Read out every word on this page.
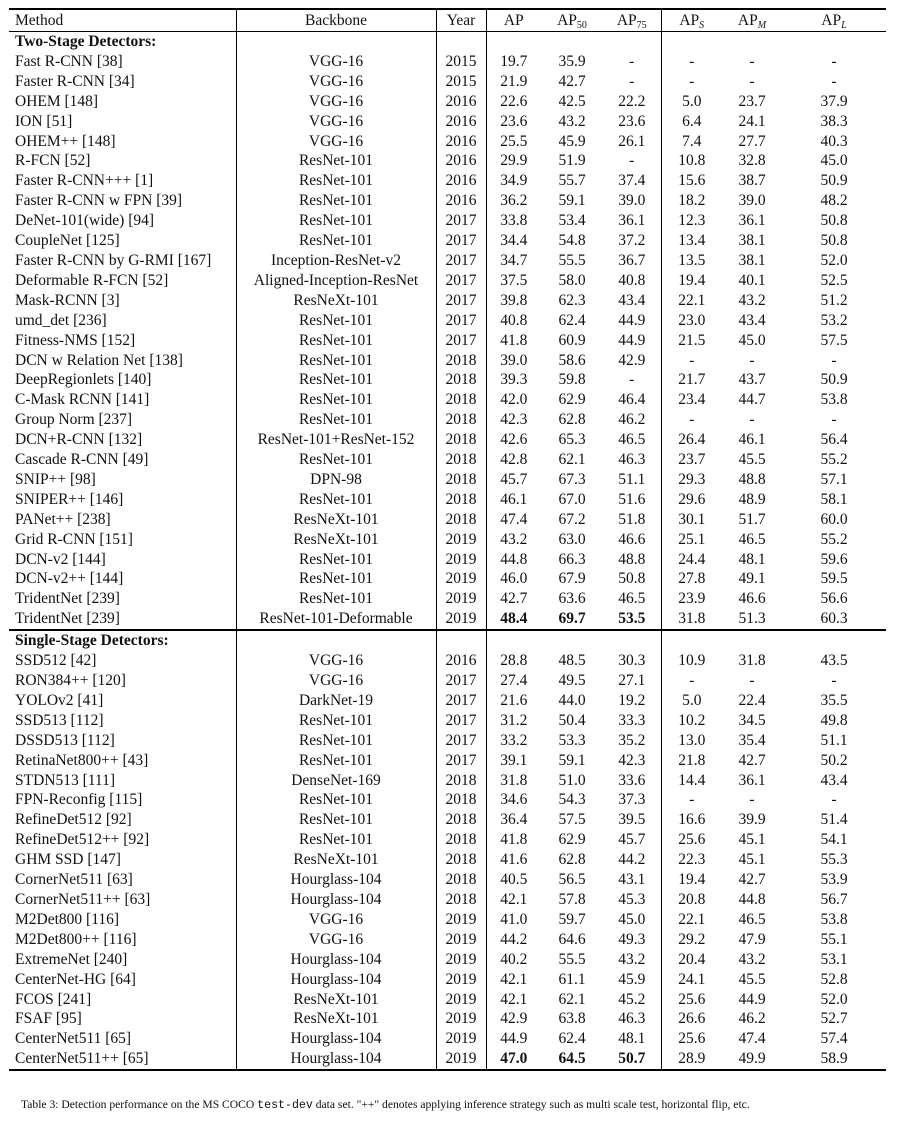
Method	Backbone	Year	AP	$AP_{50}$	$AP_{75}$	$AP_S$	$AP_M$	$AP_L$
Two-Stage Detectors:								
Fast R-CNN [38]	VGG-16	2015	19.7	35.9	-	-	-	-
Faster R-CNN [34]	VGG-16	2015	21.9	42.7	-	-	-	-
OHEM [148]	VGG-16	2016	22.6	42.5	22.2	5.0	23.7	37.9
ION [51]	VGG-16	2016	23.6	43.2	23.6	6.4	24.1	38.3
OHEM++ [148]	VGG-16	2016	25.5	45.9	26.1	7.4	27.7	40.3
R-FCN [52]	ResNet-101	2016	29.9	51.9	-	10.8	32.8	45.0
Faster R-CNN+++ [1]	ResNet-101	2016	34.9	55.7	37.4	15.6	38.7	50.9
Faster R-CNN w FPN [39]	ResNet-101	2016	36.2	59.1	39.0	18.2	39.0	48.2
DeNet-101(wide) [94]	ResNet-101	2017	33.8	53.4	36.1	12.3	36.1	50.8
CoupleNet [125]	ResNet-101	2017	34.4	54.8	37.2	13.4	38.1	50.8
Faster R-CNN by G-RMI [167]	Inception-ResNet-v2	2017	34.7	55.5	36.7	13.5	38.1	52.0
Deformable R-FCN [52]	Aligned-Inception-ResNet	2017	37.5	58.0	40.8	19.4	40.1	52.5
Mask-RCNN [3]	ResNeXt-101	2017	39.8	62.3	43.4	22.1	43.2	51.2
umd_det [236]	ResNet-101	2017	40.8	62.4	44.9	23.0	43.4	53.2
Fitness-NMS [152]	ResNet-101	2017	41.8	60.9	44.9	21.5	45.0	57.5
DCN w Relation Net [138]	ResNet-101	2018	39.0	58.6	42.9	-	-	-
DeepRegionlets [140]	ResNet-101	2018	39.3	59.8	-	21.7	43.7	50.9
C-Mask RCNN [141]	ResNet-101	2018	42.0	62.9	46.4	23.4	44.7	53.8
Group Norm [237]	ResNet-101	2018	42.3	62.8	46.2	-	-	-
DCN+R-CNN [132]	ResNet-101+ResNet-152	2018	42.6	65.3	46.5	26.4	46.1	56.4
Cascade R-CNN [49]	ResNet-101	2018	42.8	62.1	46.3	23.7	45.5	55.2
SNIP++ [98]	DPN-98	2018	45.7	67.3	51.1	29.3	48.8	57.1
SNIPER++ [146]	ResNet-101	2018	46.1	67.0	51.6	29.6	48.9	58.1
PANet++ [238]	ResNeXt-101	2018	47.4	67.2	51.8	30.1	51.7	60.0
Grid R-CNN [151]	ResNeXt-101	2019	43.2	63.0	46.6	25.1	46.5	55.2
DCN-v2 [144]	ResNet-101	2019	44.8	66.3	48.8	24.4	48.1	59.6
DCN-v2++ [144]	ResNet-101	2019	46.0	67.9	50.8	27.8	49.1	59.5
TridentNet [239]	ResNet-101	2019	42.7	63.6	46.5	23.9	46.6	56.6
TridentNet [239]	ResNet-101-Deformable	2019	48.4	69.7	53.5	31.8	51.3	60.3
Single-Stage Detectors:								
SSD512 [42]	VGG-16	2016	28.8	48.5	30.3	10.9	31.8	43.5
RON384++ [120]	VGG-16	2017	27.4	49.5	27.1	-	-	-
YOLOv2 [41]	DarkNet-19	2017	21.6	44.0	19.2	5.0	22.4	35.5
SSD513 [112]	ResNet-101	2017	31.2	50.4	33.3	10.2	34.5	49.8
DSSD513 [112]	ResNet-101	2017	33.2	53.3	35.2	13.0	35.4	51.1
RetinaNet800++ [43]	ResNet-101	2017	39.1	59.1	42.3	21.8	42.7	50.2
STDN513 [111]	DenseNet-169	2018	31.8	51.0	33.6	14.4	36.1	43.4
FPN-Reconfig [115]	ResNet-101	2018	34.6	54.3	37.3	-	-	-
RefineDet512 [92]	ResNet-101	2018	36.4	57.5	39.5	16.6	39.9	51.4
RefineDet512++ [92]	ResNet-101	2018	41.8	62.9	45.7	25.6	45.1	54.1
GHM SSD [147]	ResNeXt-101	2018	41.6	62.8	44.2	22.3	45.1	55.3
CornerNet511 [63]	Hourglass-104	2018	40.5	56.5	43.1	19.4	42.7	53.9
CornerNet511++ [63]	Hourglass-104	2018	42.1	57.8	45.3	20.8	44.8	56.7
M2Det800 [116]	VGG-16	2019	41.0	59.7	45.0	22.1	46.5	53.8
M2Det800++ [116]	VGG-16	2019	44.2	64.6	49.3	29.2	47.9	55.1
ExtremeNet [240]	Hourglass-104	2019	40.2	55.5	43.2	20.4	43.2	53.1
CenterNet-HG [64]	Hourglass-104	2019	42.1	61.1	45.9	24.1	45.5	52.8
FCOS [241]	ResNeXt-101	2019	42.1	62.1	45.2	25.6	44.9	52.0
FSAF [95]	ResNeXt-101	2019	42.9	63.8	46.3	26.6	46.2	52.7
CenterNet511 [65]	Hourglass-104	2019	44.9	62.4	48.1	25.6	47.4	57.4
CenterNet511++ [65]	Hourglass-104	2019	47.0	64.5	50.7	28.9	49.9	58.9
Table 3: Detection performance on the MS COCO test-dev data set. "++" denotes applying inference strategy such as multi scale test, horizontal flip, etc.
